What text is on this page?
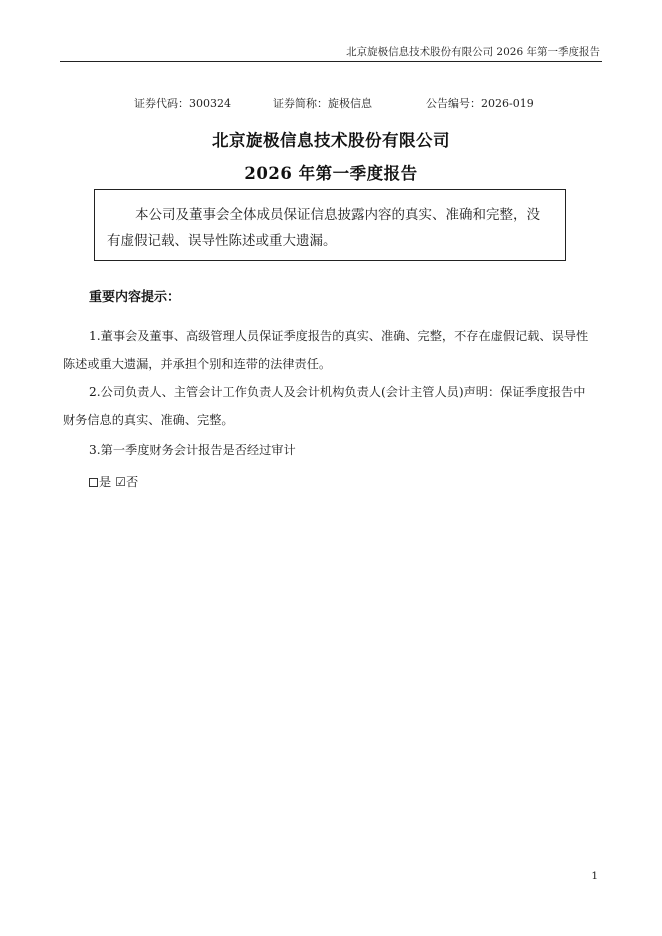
北京旋极信息技术股份有限公司 2026 年第一季度报告
证券代码：300324	证券简称：旋极信息	公告编号：2026-019
北京旋极信息技术股份有限公司
2026 年第一季度报告
本公司及董事会全体成员保证信息披露内容的真实、准确和完整，没有虚假记载、误导性陈述或重大遗漏。
重要内容提示：
1.董事会及董事、高级管理人员保证季度报告的真实、准确、完整，不存在虚假记载、误导性陈述或重大遗漏，并承担个别和连带的法律责任。
2.公司负责人、主管会计工作负责人及会计机构负责人(会计主管人员)声明：保证季度报告中财务信息的真实、准确、完整。
3.第一季度财务会计报告是否经过审计
是 ☑否
1
